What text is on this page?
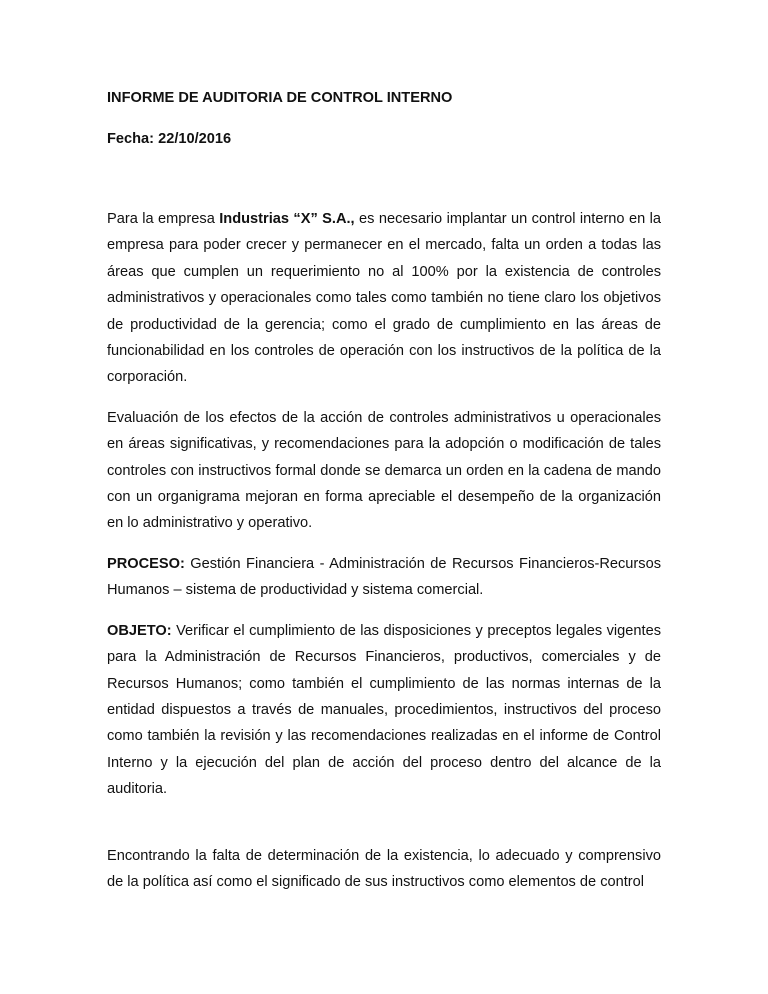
INFORME DE AUDITORIA DE CONTROL INTERNO

Fecha: 22/10/2016

Para la empresa Industrias “X” S.A., es necesario implantar un control interno en la empresa para poder crecer y permanecer en el mercado, falta un orden a todas las áreas que cumplen un requerimiento no al 100% por la existencia de controles administrativos y operacionales como tales como también no tiene claro los objetivos de productividad de la gerencia; como el grado de cumplimiento en las áreas de funcionabilidad en los controles de operación con los instructivos de la política de la corporación.

Evaluación de los efectos de la acción de controles administrativos u operacionales en áreas significativas, y recomendaciones para la adopción o modificación de tales controles con instructivos formal donde se demarca un orden en la cadena de mando con un organigrama mejoran en forma apreciable el desempeño de la organización en lo administrativo y operativo.

PROCESO: Gestión Financiera - Administración de Recursos Financieros-Recursos Humanos – sistema de productividad y sistema comercial.

OBJETO: Verificar el cumplimiento de las disposiciones y preceptos legales vigentes para la Administración de Recursos Financieros, productivos, comerciales y de Recursos Humanos; como también el cumplimiento de las normas internas de la entidad dispuestos a través de manuales, procedimientos, instructivos del proceso como también la revisión y las recomendaciones realizadas en el informe de Control Interno y la ejecución del plan de acción del proceso dentro del alcance de la auditoria.

Encontrando la falta de determinación de la existencia, lo adecuado y comprensivo de la política así como el significado de sus instructivos como elementos de control
